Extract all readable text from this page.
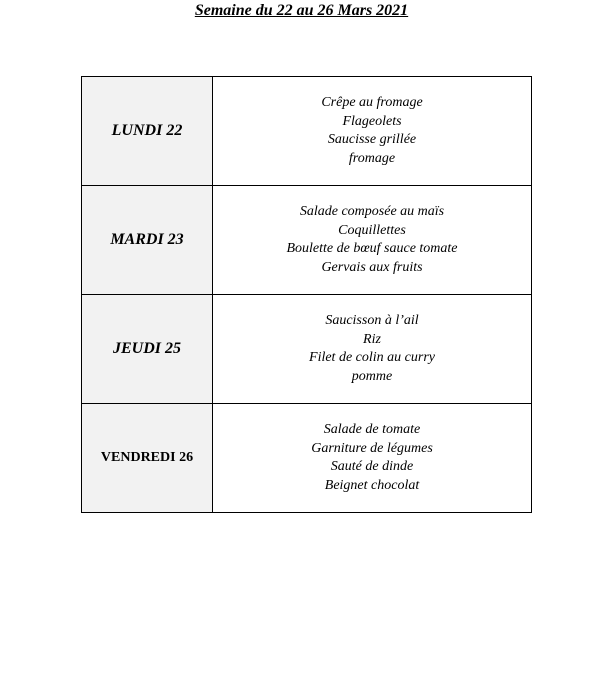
Semaine du 22 au 26 Mars 2021
LUNDI 22	Crêpe au fromage
Flageolets
Saucisse grillée
fromage

MARDI 23	Salade composée au maïs
Coquillettes
Boulette de bœuf sauce tomate
Gervais aux fruits

JEUDI 25	Saucisson à l’ail
Riz
Filet de colin au curry
pomme

VENDREDI 26	Salade de tomate
Garniture de légumes
Sauté de dinde
Beignet chocolat
